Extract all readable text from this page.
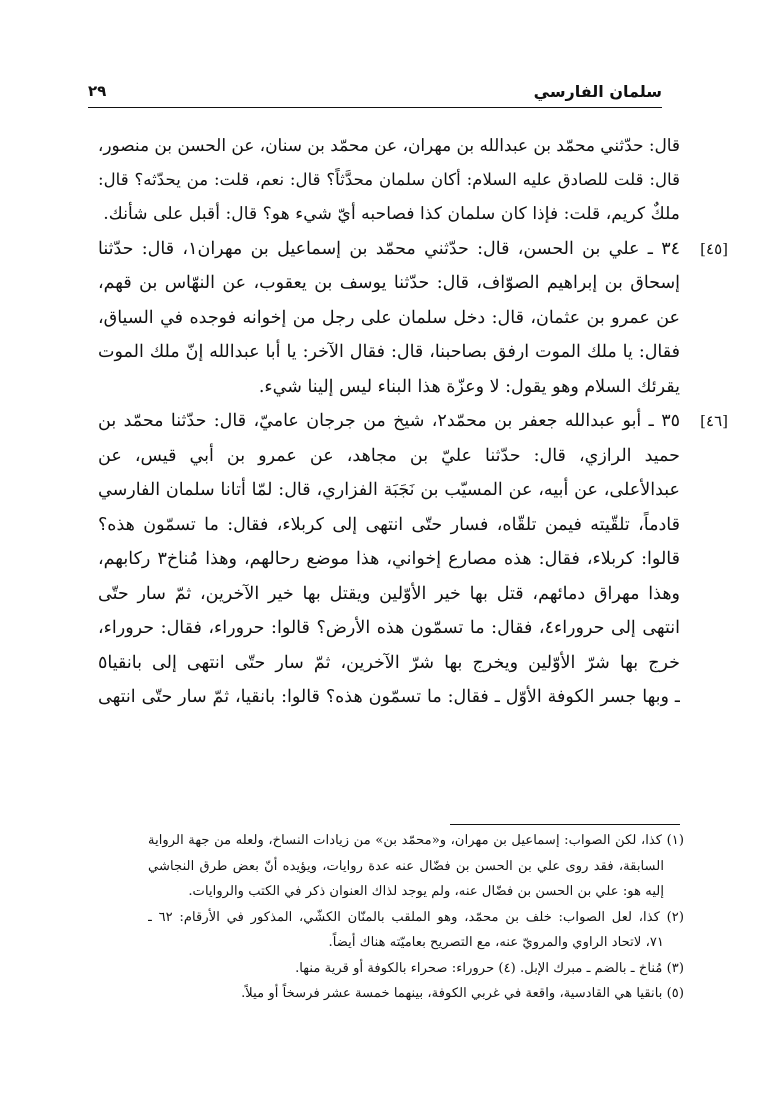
سلمان الفارسي
٢٩
قال: حدّثني محمّد بن عبدالله بن مهران، عن محمّد بن سنان، عن الحسن بن منصور،
قال: قلت للصادق عليه السلام: أكان سلمان محدَّثاً؟ قال: نعم، قلت: من يحدّثه؟ قال:
ملكٌ كريم، قلت: فإذا كان سلمان كذا فصاحبه أيّ شيء هو؟ قال: أقبل على شأنك.
[٤٥]
٣٤ ـ علي بن الحسن، قال: حدّثني محمّد بن إسماعيل بن مهران١، قال: حدّثنا
إسحاق بن إبراهيم الصوّاف، قال: حدّثنا يوسف بن يعقوب، عن النهّاس بن قهم،
عن عمرو بن عثمان، قال: دخل سلمان على رجل من إخوانه فوجده في السياق،
فقال: يا ملك الموت ارفق بصاحبنا، قال: فقال الآخر: يا أبا عبدالله إنّ ملك الموت
يقرئك السلام وهو يقول: لا وعزّة هذا البناء ليس إلينا شيء.
[٤٦]
٣٥ ـ أبو عبدالله جعفر بن محمّد٢، شيخ من جرجان عاميّ، قال: حدّثنا محمّد بن
حميد الرازي، قال: حدّثنا عليّ بن مجاهد، عن عمرو بن أبي قيس، عن
عبدالأعلى، عن أبيه، عن المسيّب بن نَجَبَة الفزاري، قال: لمّا أتانا سلمان الفارسي
قادماً، تلقّيته فيمن تلقّاه، فسار حتّى انتهى إلى كربلاء، فقال: ما تسمّون هذه؟
قالوا: كربلاء، فقال: هذه مصارع إخواني، هذا موضع رحالهم، وهذا مُناخ٣ ركابهم،
وهذا مهراق دمائهم، قتل بها خير الأوّلين ويقتل بها خير الآخرين، ثمّ سار حتّى
انتهى إلى حروراء٤، فقال: ما تسمّون هذه الأرض؟ قالوا: حروراء، فقال: حروراء،
خرج بها شرّ الأوّلين ويخرج بها شرّ الآخرين، ثمّ سار حتّى انتهى إلى بانقيا٥
ـ وبها جسر الكوفة الأوّل ـ فقال: ما تسمّون هذه؟ قالوا: بانقيا، ثمّ سار حتّى انتهى
(١) كذا، لكن الصواب: إسماعيل بن مهران، و«محمّد بن» من زيادات النساخ، ولعله من جهة الرواية
السابقة، فقد روى علي بن الحسن بن فضّال عنه عدة روايات، ويؤيده أنّ بعض طرق النجاشي
إليه هو: علي بن الحسن بن فضّال عنه، ولم يوجد لذاك العنوان ذكر في الكتب والروايات.
(٢) كذا، لعل الصواب: خلف بن محمّد، وهو الملقب بالمنّان الكشّي، المذكور في الأرقام: ٦٢ ـ
٧١، لاتحاد الراوي والمرويّ عنه، مع التصريح بعاميّته هناك أيضاً.
(٣) مُناخ ـ بالضم ـ مبرك الإبل. (٤) حروراء: صحراء بالكوفة أو قرية منها.
(٥) بانقيا هي القادسية، واقعة في غربي الكوفة، بينهما خمسة عشر فرسخاً أو ميلاً.
